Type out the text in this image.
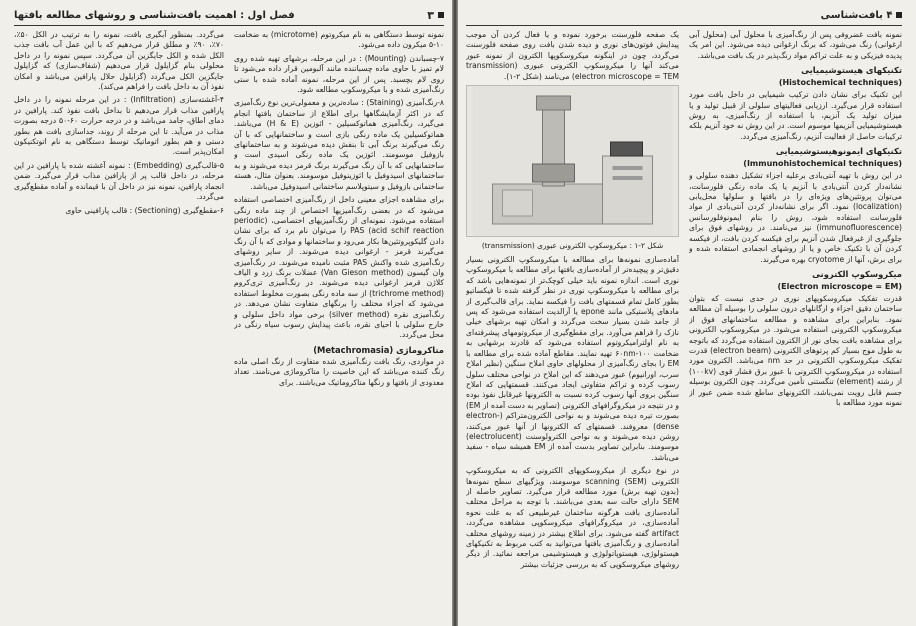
۳
فصل اول : اهمیت بافت‌شناسی و روشهای مطالعه بافتها
نمونه توسط دستگاهی به نام میکروتوم (microtome) به ضخامت ۱۰-۵ میکرون داده می‌شود.
۷-چسباندن (Mounting) : در این مرحله، برشهای تهیه شده روی لام تمیز با حاوی ماده چسباننده مانند آلبومین قرار داده می‌شود تا روی لام بچسبد. پس از این مرحله، نمونه آماده شده با ستی رنگ‌آمیزی شده و با میکروسکوپ مطالعه شود.
۸-رنگ‌آمیزی (Staining) : ساده‌ترین و معمولی‌ترین نوع رنگ‌آمیزی که در اکثر آزمایشگاهها برای اطلاع از ساختمان بافتها انجام می‌گیرد، رنگ‌آمیزی هماتوکسیلین - ائوزین (H & E) می‌باشد. هماتوکسیلین یک ماده رنگی بازی است و ساختمانهایی که با آن رنگ می‌گیرند برنگ آبی تا بنفش دیده می‌شوند و به ساختمانهای بازوفیل موسومند. ائوزین یک ماده رنگی اسیدی است و ساختمانهایی که با آن رنگ می‌گیرند برنگ قرمز دیده می‌شوند و به ساختمانهای اسیدوفیل یا ائوزینوفیل موسومند. بعنوان مثال، هسته ساختمانی بازوفیل و سیتوپلاسم ساختمانی اسیدوفیل می‌باشد.
برای مشاهده اجزای معینی داخل از رنگ‌آمیزی اختصاصی استفاده می‌شود که در بعضی رنگ‌آمیزیها اختصاص از چند ماده رنگی استفاده می‌شود. نمونه‌ای از رنگ‌آمیزیهای اختصاصی، (periodic acid schif reaction) PAS را می‌توان نام برد که برای نشان دادن گلیکوپروتئین‌ها بکار می‌رود و ساختمانها و موادی که با آن رنگ می‌گیرند قرمز - ارغوانی دیده می‌شوند. از سایر روشهای رنگ‌آمیزی شده واکنش PAS مثبت نامیده می‌شوند. در رنگ‌آمیزی وان گیسون (Van Gieson method) عضلات برنگ زرد و الیاف کلاژن قرمز ارغوانی دیده می‌شوند. در رنگ‌آمیزی تری‌کروم (trichrome method) از سه ماده رنگی بصورت مخلوط استفاده می‌شود که اجزاء مختلف را برنگهای متفاوت نشان می‌دهد. در رنگ‌آمیزی نقره (silver method) برخی مواد داخل سلولی و خارج سلولی با احیای نقره، باعث پیدایش رسوب سیاه رنگی در محل می‌گردد.
متاکروماژی (Metachromasia)
در مواردی، رنگ بافت رنگ‌آمیزی شده متفاوت از رنگ اصلی ماده رنگ کننده می‌باشد که این خاصیت را متاکروماژی می‌نامند. تعداد معدودی از بافتها و رنگها متاکروماتیک می‌باشند. برای
می‌گردد. بمنظور آبگیری بافت، نمونه را به ترتیب در الکل ۵۰٪، ۷۰٪، ۹۰٪ و مطلق قرار می‌دهیم که با این عمل آب بافت جذب الکل شده و الکل جایگزین آن می‌گردد. سپس نمونه را در داخل محلولی بنام گزایلول قرار می‌دهیم (شفاف‌سازی) که گزایلول جایگزین الکل می‌گردد (گزایلول حلال پارافین می‌باشد و امکان نفوذ آن به داخل بافت را فراهم می‌کند).
۴-آغشته‌سازی (Infiltration) : در این مرحله نمونه را در داخل پارافین مذاب قرار می‌دهیم تا بداخل بافت نفوذ کند. پارافین در دمای اطاق، جامد می‌باشد و در درجه حرارت ۶۰-۵۰ درجه بصورت مذاب در می‌آید. تا این مرحله از روند، جداسازی بافت هم بطور دستی و هم بطور اتوماتیک توسط دستگاهی به نام اتوتکنیکون امکان‌پذیر است.
۵-قالب‌گیری (Embedding) : نمونه آغشته شده با پارافین در این مرحله، در داخل قالب پر از پارافین مذاب قرار می‌گیرد. ضمن انجماد پارافین، نمونه نیز در داخل آن با قیمانده و آماده مقطع‌گیری می‌گردد.
۶-مقطع‌گیری (Sectioning) : قالب پارافینی حاوی
۴ بافت‌شناسی
نمونه بافت غضروفی پس از رنگ‌آمیزی با محلول آبی (محلول آبی ارغوانی) رنگ می‌شود، که برنگ ارغوانی دیده می‌شود. این امر یک پدیده فیزیکی و به علت تراکم مواد رنگ‌پذیر در یک بافت می‌باشد.
تکنیکهای هیستوشیمیایی
(Histochemical techniques)
این تکنیک برای نشان دادن ترکیب شیمیایی در داخل بافت مورد استفاده قرار می‌گیرد. ارزیابی فعالیتهای سلولی از قبیل تولید و یا میزان تولید یک آنزیم، با استفاده از رنگ‌آمیزی، به روش هیستوشیمیایی آنزیمها موسوم است. در این روش نه خود آنزیم بلکه ترکیبات حاصل از فعالیت آنزیم، رنگ‌آمیزی می‌گردد.
تکنیکهای ایمونوهیستوشیمیایی
(Immunohistochemical techniques)
در این روش با تهیه آنتی‌بادی برعلیه اجزاء تشکیل دهنده سلولی و نشانه‌دار کردن آنتی‌بادی با آنزیم یا یک ماده رنگی فلورسانت، می‌توان پروتئین‌های ویژه‌ای را در بافتها و سلولها محل‌یابی (localization) نمود. اگر برای نشانه‌دار کردن آنتی‌بادی از مواد فلورسانت استفاده شود، روش را بنام ایمونوفلورسانس (immunofluorescence) نیز می‌نامند. در روشهای فوق برای جلوگیری از غیرفعال شدن آنزیم برای فیکسه کردن بافت، از فیکسه کردن آن با تکنیک خاص و یا از روشهای انجمادی استفاده شده و برای برش، آنها از cryotome بهره می‌گیرند.
میکروسکوپ الکترونی
(Electron microscope = EM)
قدرت تفکیک میکروسکوپهای نوری در حدی نیست که بتوان ساختمان دقیق اجزاء و ارگانلهای درون سلولی را بوسیله آن مطالعه نمود. بنابراین برای مشاهده و مطالعه ساختمانهای فوق از میکروسکوپ الکترونی استفاده می‌شود. در میکروسکوپ الکترونی برای مشاهده بافت بجای نور از الکترون استفاده می‌گردد که باتوجه به طول موج بسیار کم پرتوهای الکترونی (electron beam) قدرت تفکیک میکروسکوپ الکترونی در حد nm می‌باشد. الکترون مورد استفاده در میکروسکوپ الکترونی با عبور برق فشار قوی (۱۰۰kv) از رشته (element) تنگستنی تأمین می‌گردد. چون الکترون بوسیله جسم قابل رویت نمی‌باشد، الکترونهای ساطع شده ضمن عبور از نمونه مورد مطالعه با
یک صفحه فلورسنت برخورد نموده و یا فعال کردن آن موجب پیدایش فوتون‌های نوری و دیده شدن بافت روی صفحه فلورسنت می‌گردد، چون در اینگونه میکروسکوپها الکترون از نمونه عبور می‌کند آنها را میکروسکوپ الکترونی عبوری (transmission electron microscope = TEM) می‌نامند (شکل ۲-۱).
شکل ۲-۱ : میکروسکوپ الکترونی عبوری (transmission)
آماده‌سازی نمونه‌ها برای مطالعه با میکروسکوپ الکترونی بسیار دقیق‌تر و پیچیده‌تر از آماده‌سازی بافتها برای مطالعه با میکروسکوپ نوری است. اندازه نمونه باید خیلی کوچک‌تر از نمونه‌هایی باشد که برای مطالعه با میکروسکوپ نوری در نظر گرفته شده تا فیکساتیو بطور کامل تمام قسمتهای بافت را فیکسه نماید. برای قالب‌گیری از مادهای پلاستیکی مانند epone یا آرالدیت استفاده می‌شود که پس از جامد شدن بسیار سخت می‌گردد و امکان تهیه برشهای خیلی نازک را فراهم می‌آورد. برای مقطع‌گیری از میکروتومهای پیشرفته‌ای به نام اولترامیکروتوم استفاده می‌شود که قادرند برشهایی به ضخامت ۱۰۰-۶۰nm تهیه نمایند. مقاطع آماده شده برای مطالعه با EM را بجای رنگ‌آمیزی از محلولهای حاوی املاح سنگین (نظیر املاح سرب، اورانیوم) عبور می‌دهند که این املاح در نواحی مختلف سلول رسوب کرده و تراکم متفاوتی ایجاد می‌کنند. قسمتهایی که املاح سنگین بروی آنها رسوب کرده نسبت به الکترونها غیرقابل نفوذ بوده و در نتیجه در میکروگرافهای الکترونی (تصاویر به دست آمده از EM) بصورت تیره دیده می‌شوند و به نواحی الکترون‌متراکم (electron-dense) معروفند. قسمتهای که الکترونها از آنها عبور می‌کنند، روشن دیده می‌شوند و به نواحی الکترولوسنت (electrolucent) موسومند. بنابراین تصاویر بدست آمده از EM همیشه سیاه - سفید می‌باشد.
در نوع دیگری از میکروسکوپهای الکترونی که به میکروسکوپ الکترونی (SEM) scanning موسومند، ویژگیهای سطح نمونه‌ها (بدون تهیه برش) مورد مطالعه قرار می‌گیرد. تصاویر حاصله از SEM دارای حالت سه بعدی می‌باشند. با توجه به مراحل مختلف آماده‌سازی بافت هرگونه ساختمان غیرطبیعی که به علت نحوه آماده‌سازی، در میکروگرافهای میکروسکوپی مشاهده می‌گردد، artifact گفته می‌شود. برای اطلاع بیشتر در زمینه روشهای مختلف آماده‌سازی و رنگ‌آمیزی بافتها می‌توانید به کتب مربوط به تکنیکهای هیستولوژی، هیستوپاتولوژی و هیستوشیمی مراجعه نمائید. از دیگر روشهای میکروسکوپی که به بررسی جزئیات بیشتر
